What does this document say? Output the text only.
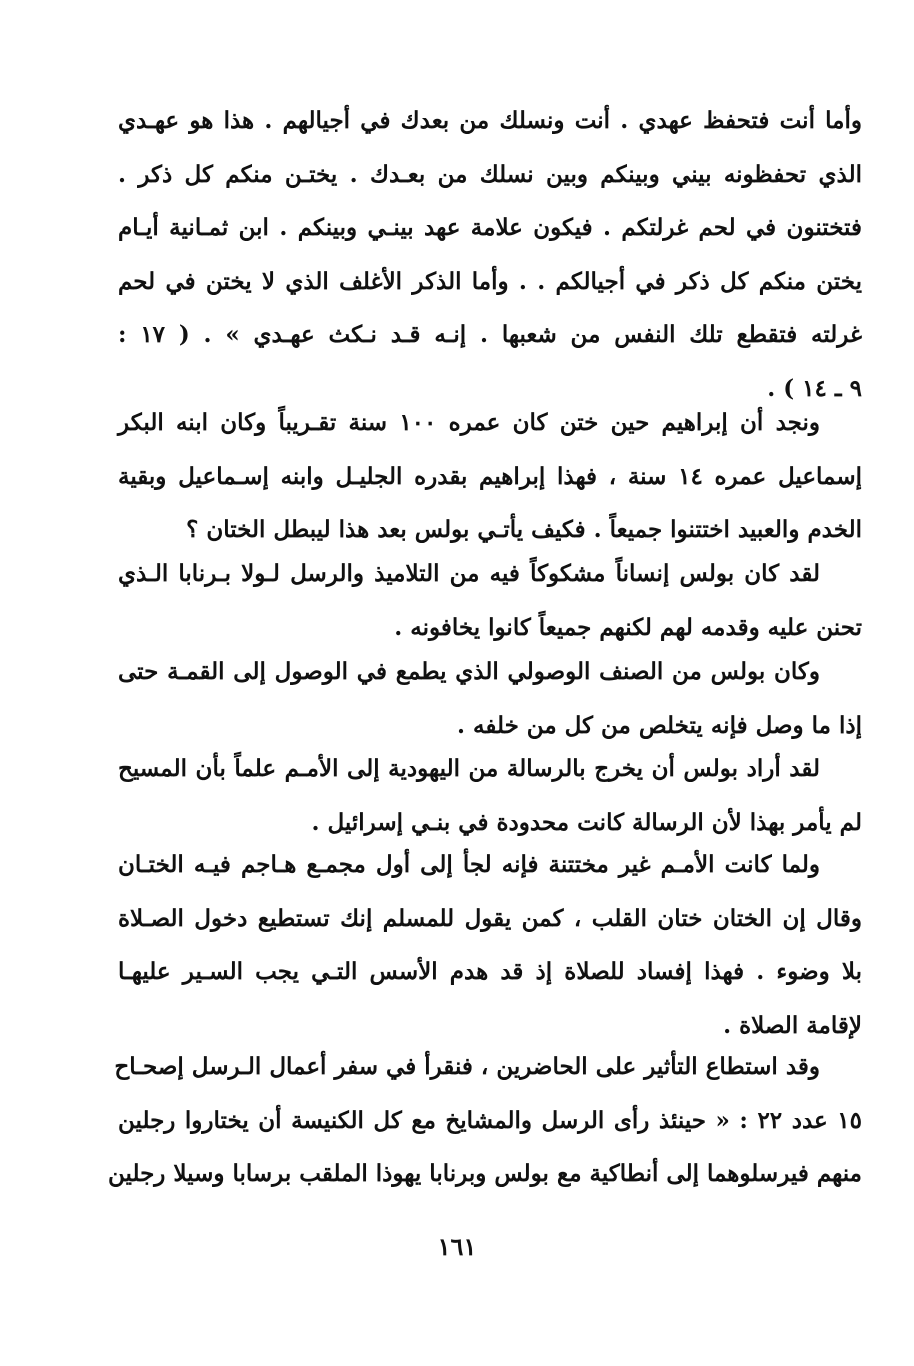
وأما أنت فتحفظ عهدي . أنت ونسلك من بعدك في أجيالهم . هذا هو عهـدي
الذي تحفظونه بيني وبينكم وبين نسلك من بعـدك . يختـن منكم كل ذكر .
فتختنون في لحم غرلتكم . فيكون علامة عهد بينـي وبينكم . ابن ثمـانية أيـام
يختن منكم كل ذكر في أجيالكم . . وأما الذكر الأغلف الذي لا يختن في لحم
غرلته فتقطع تلك النفس من شعبها . إنـه قـد نـكث عهـدي » . ( ١٧ :
٩ ـ ١٤ ) .
ونجد أن إبراهيم حين ختن كان عمره ١٠٠ سنة تقـريباً وكان ابنه البكر
إسماعيل عمره ١٤ سنة ، فهذا إبراهيم بقدره الجليـل وابنه إسـماعيل وبقية
الخدم والعبيد اختتنوا جميعاً . فكيف يأتـي بولس بعد هذا ليبطل الختان ؟
لقد كان بولس إنساناً مشكوكاً فيه من التلاميذ والرسل لـولا بـرنابا الـذي
تحنن عليه وقدمه لهم لكنهم جميعاً كانوا يخافونه .
وكان بولس من الصنف الوصولي الذي يطمع في الوصول إلى القمـة حتى
إذا ما وصل فإنه يتخلص من كل من خلفه .
لقد أراد بولس أن يخرج بالرسالة من اليهودية إلى الأمـم علماً بأن المسيح
لم يأمر بهذا لأن الرسالة كانت محدودة في بنـي إسرائيل .
ولما كانت الأمـم غير مختتنة فإنه لجأ إلى أول مجمـع هـاجم فيـه الختـان
وقال إن الختان ختان القلب ، كمن يقول للمسلم إنك تستطيع دخول الصـلاة
بلا وضوء . فهذا إفساد للصلاة إذ قد هدم الأسس التـي يجب السـير عليهـا
لإقامة الصلاة .
وقد استطاع التأثير على الحاضرين ، فنقرأ في سفر أعمال الـرسل إصحـاح
١٥ عدد ٢٢ : « حينئذ رأى الرسل والمشايخ مع كل الكنيسة أن يختاروا رجلين
منهم فيرسلوهما إلى أنطاكية مع بولس وبرنابا يهوذا الملقب برسابا وسيلا رجلين
١٦١
